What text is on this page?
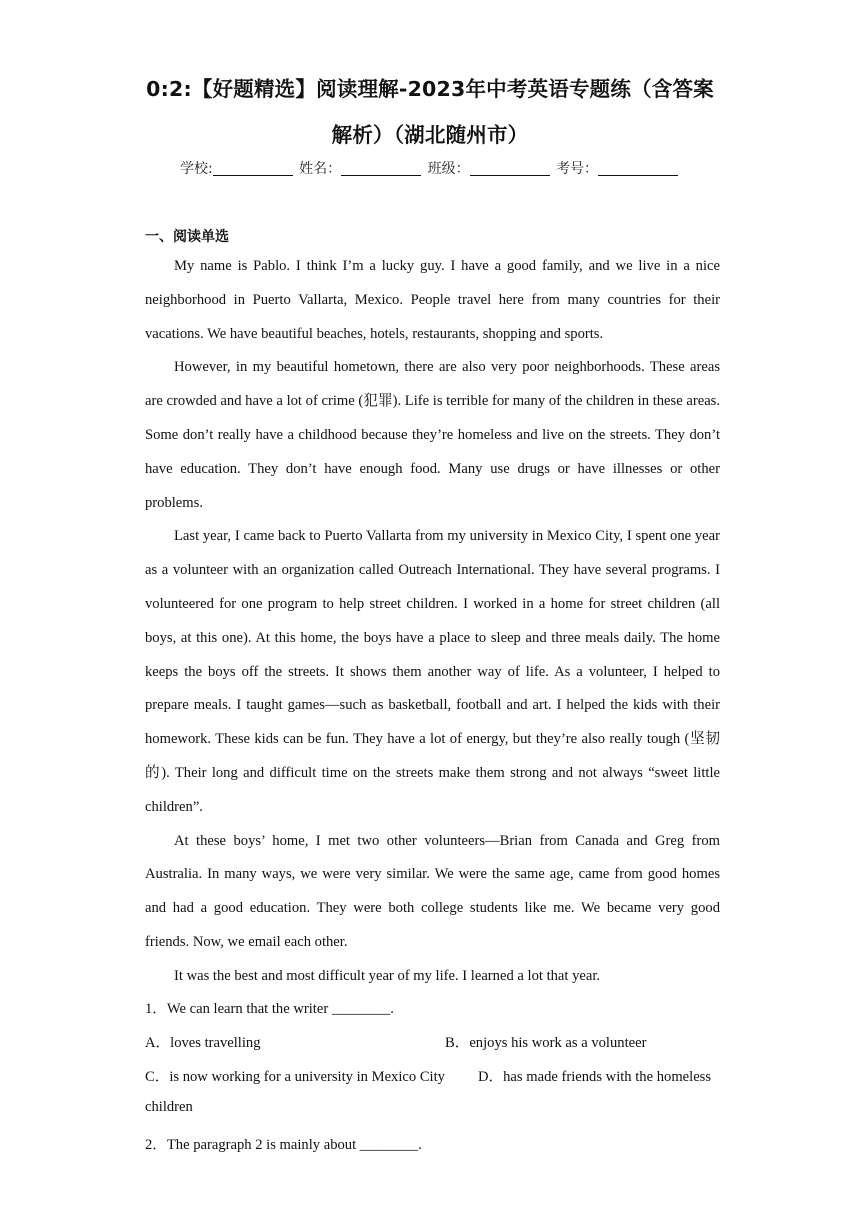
0:2:【好题精选】阅读理解-2023年中考英语专题练（含答案
解析）（湖北随州市）
学校:	姓名：	班级：	考号：
一、阅读单选

My name is Pablo. I think I’m a lucky guy. I have a good family, and we live in a nice neighborhood in Puerto Vallarta, Mexico. People travel here from many countries for their vacations. We have beautiful beaches, hotels, restaurants, shopping and sports.

However, in my beautiful hometown, there are also very poor neighborhoods. These areas are crowded and have a lot of crime (犯罪). Life is terrible for many of the children in these areas. Some don’t really have a childhood because they’re homeless and live on the streets. They don’t have education. They don’t have enough food. Many use drugs or have illnesses or other problems.

Last year, I came back to Puerto Vallarta from my university in Mexico City, I spent one year as a volunteer with an organization called Outreach International. They have several programs. I volunteered for one program to help street children. I worked in a home for street children (all boys, at this one). At this home, the boys have a place to sleep and three meals daily. The home keeps the boys off the streets. It shows them another way of life. As a volunteer, I helped to prepare meals. I taught games—such as basketball, football and art. I helped the kids with their homework. These kids can be fun. They have a lot of energy, but they’re also really tough (坚韧的). Their long and difficult time on the streets make them strong and not always “sweet little children”.

At these boys’ home, I met two other volunteers—Brian from Canada and Greg from Australia. In many ways, we were very similar. We were the same age, came from good homes and had a good education. They were both college students like me. We became very good friends. Now, we email each other.

It was the best and most difficult year of my life. I learned a lot that year.

1．We can learn that the writer ________.
A．loves travelling	B．enjoys his work as a volunteer
C．is now working for a university in Mexico City D．has made friends with the homeless
children
2．The paragraph 2 is mainly about ________.
